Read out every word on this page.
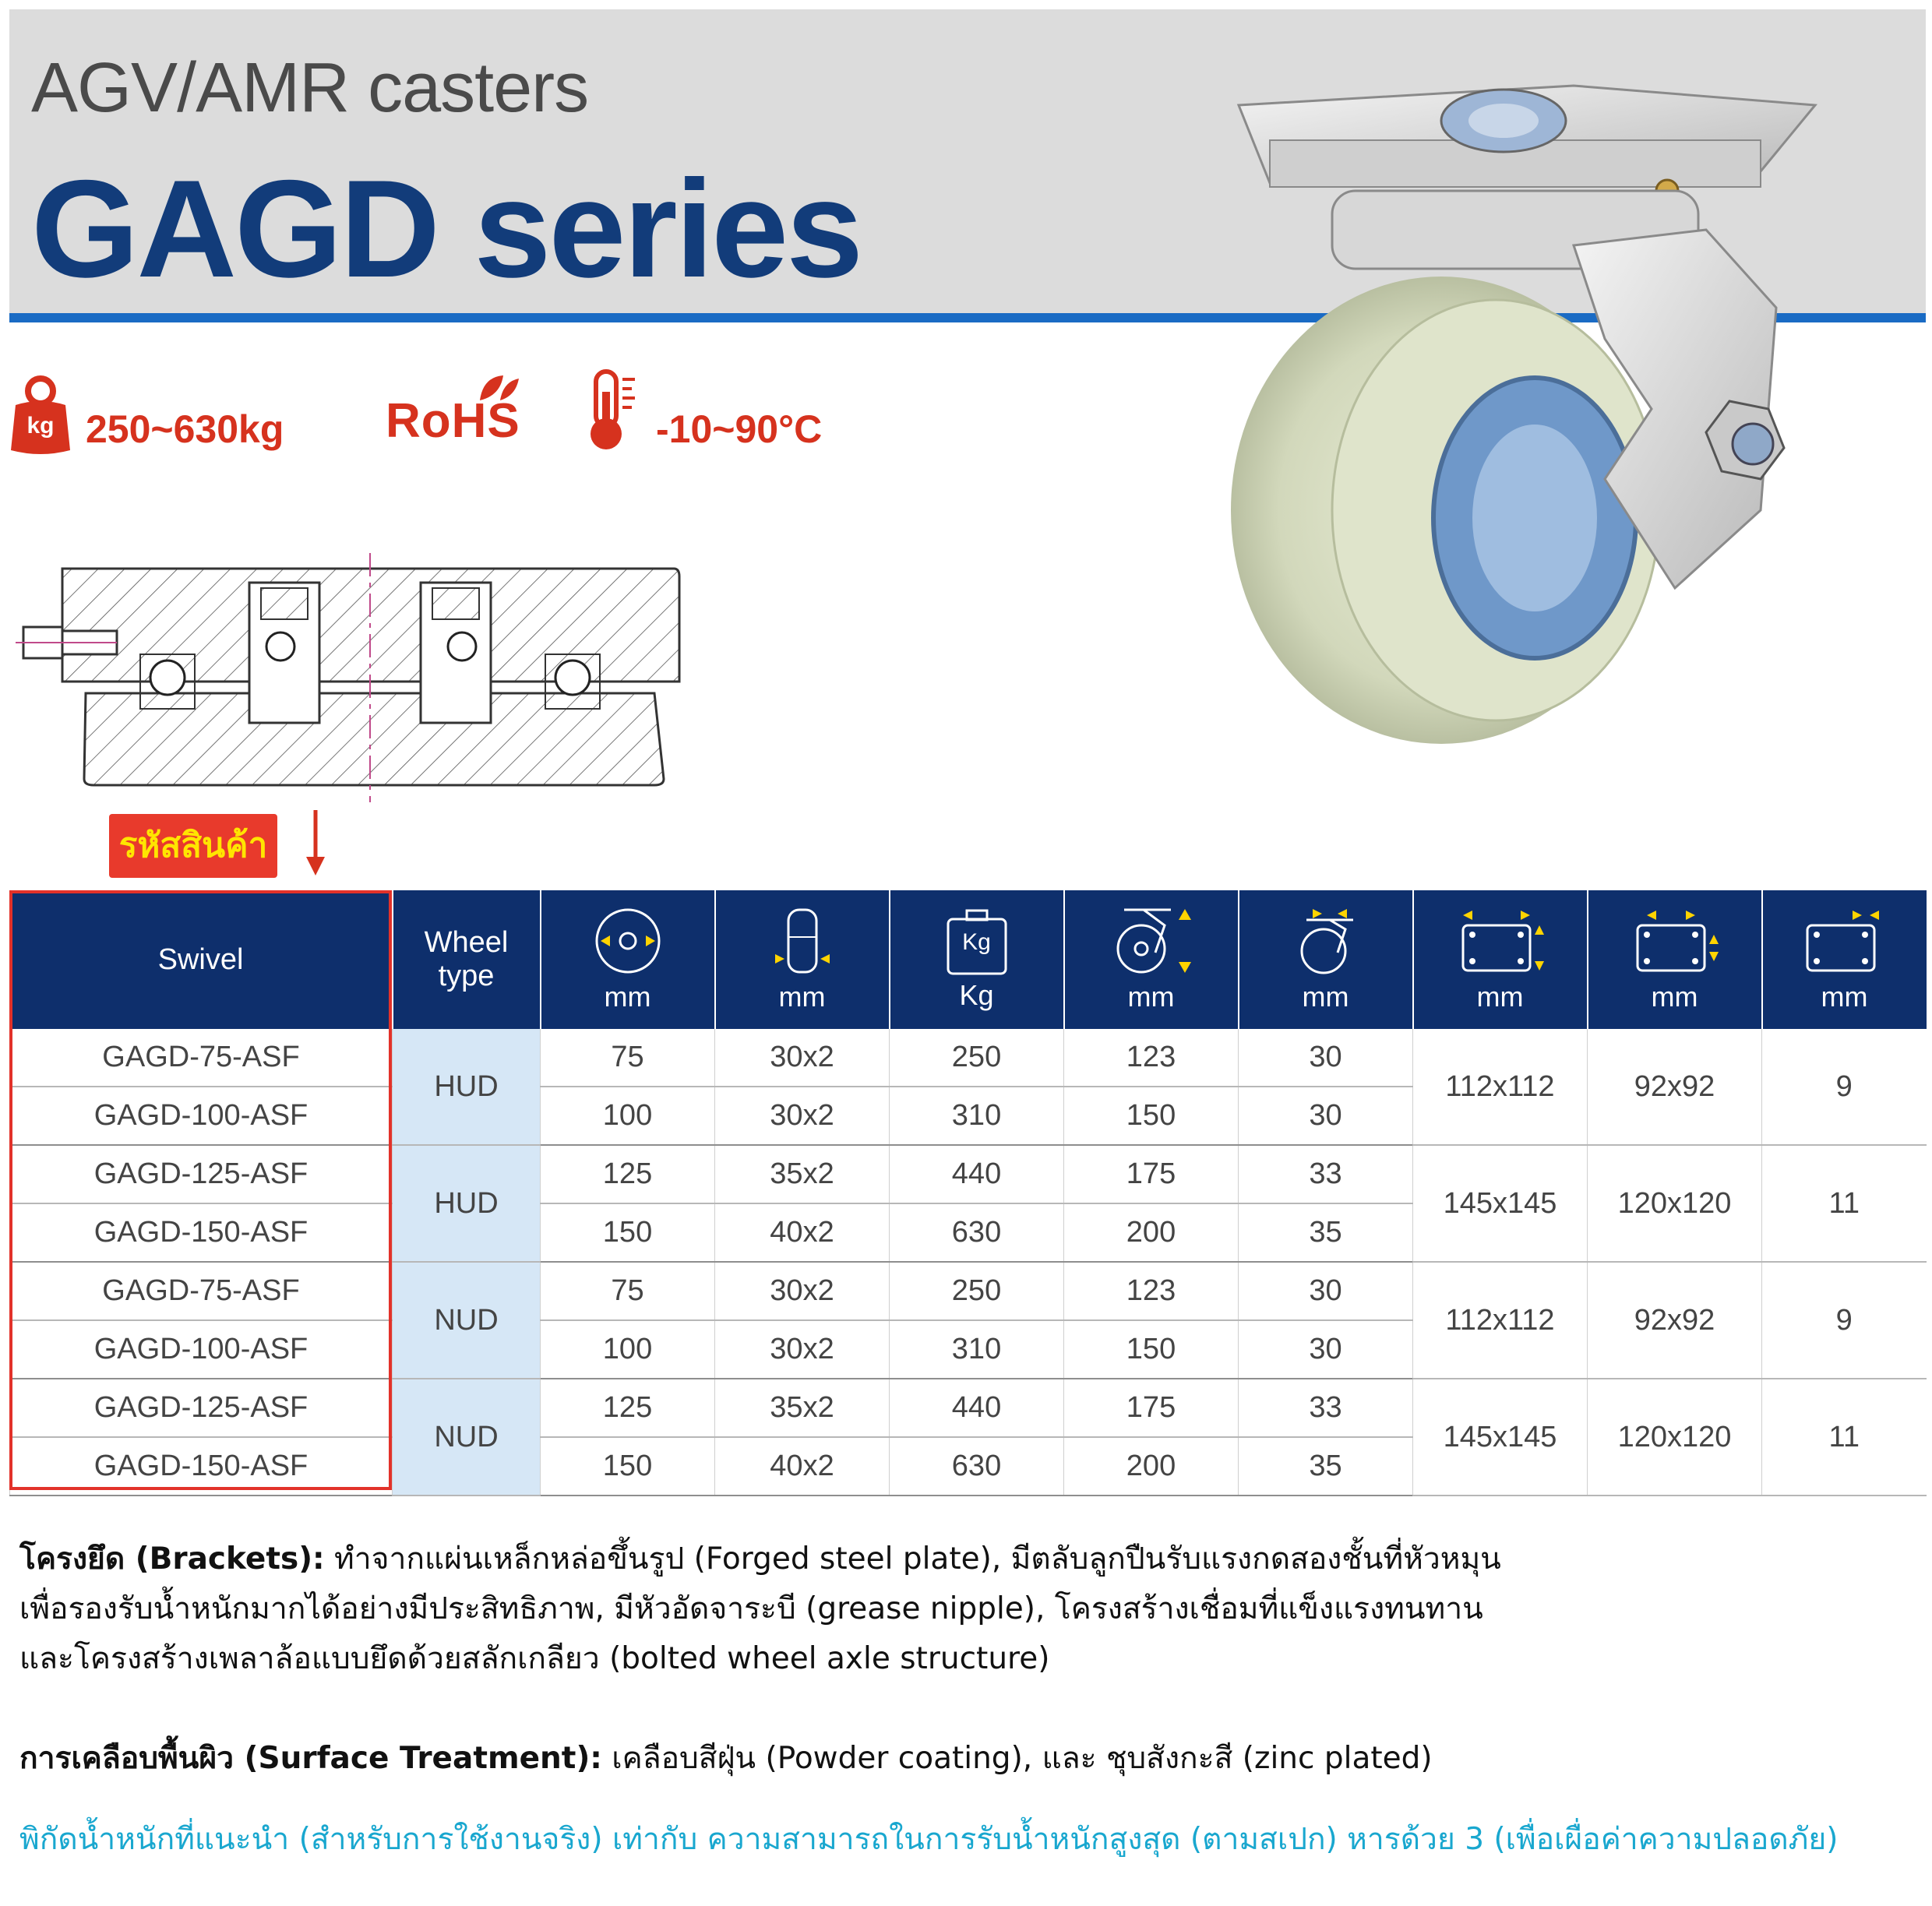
AGV/AMR casters
GAGD series
kg 250~630kg RoHS	-10~90°C
รหัสสินค้า
Swivel	Wheel
type	mm	mm	Kg
Kg	mm	mm	mm	mm	mm

GAGD-75-ASF	HUD	75	30x2	250	123	30	112x112	92x92	9
GAGD-100-ASF		100	30x2	310	150	30			
GAGD-125-ASF	HUD	125	35x2	440	175	33	145x145	120x120	11
GAGD-150-ASF		150	40x2	630	200	35			
GAGD-75-ASF	NUD	75	30x2	250	123	30	112x112	92x92	9
GAGD-100-ASF		100	30x2	310	150	30			
GAGD-125-ASF	NUD	125	35x2	440	175	33	145x145	120x120	11
GAGD-150-ASF		150	40x2	630	200	35			
โครงยึด (Brackets): ทำจากแผ่นเหล็กหล่อขึ้นรูป (Forged steel plate), มีตลับลูกปืนรับแรงกดสองชั้นที่หัวหมุน
เพื่อรองรับน้ำหนักมากได้อย่างมีประสิทธิภาพ, มีหัวอัดจาระบี (grease nipple), โครงสร้างเชื่อมที่แข็งแรงทนทาน
และโครงสร้างเพลาล้อแบบยึดด้วยสลักเกลียว (bolted wheel axle structure)
การเคลือบพื้นผิว (Surface Treatment): เคลือบสีฝุ่น (Powder coating), และ ชุบสังกะสี (zinc plated)
พิกัดน้ำหนักที่แนะนำ (สำหรับการใช้งานจริง) เท่ากับ ความสามารถในการรับน้ำหนักสูงสุด (ตามสเปก) หารด้วย 3 (เพื่อเผื่อค่าความปลอดภัย)
